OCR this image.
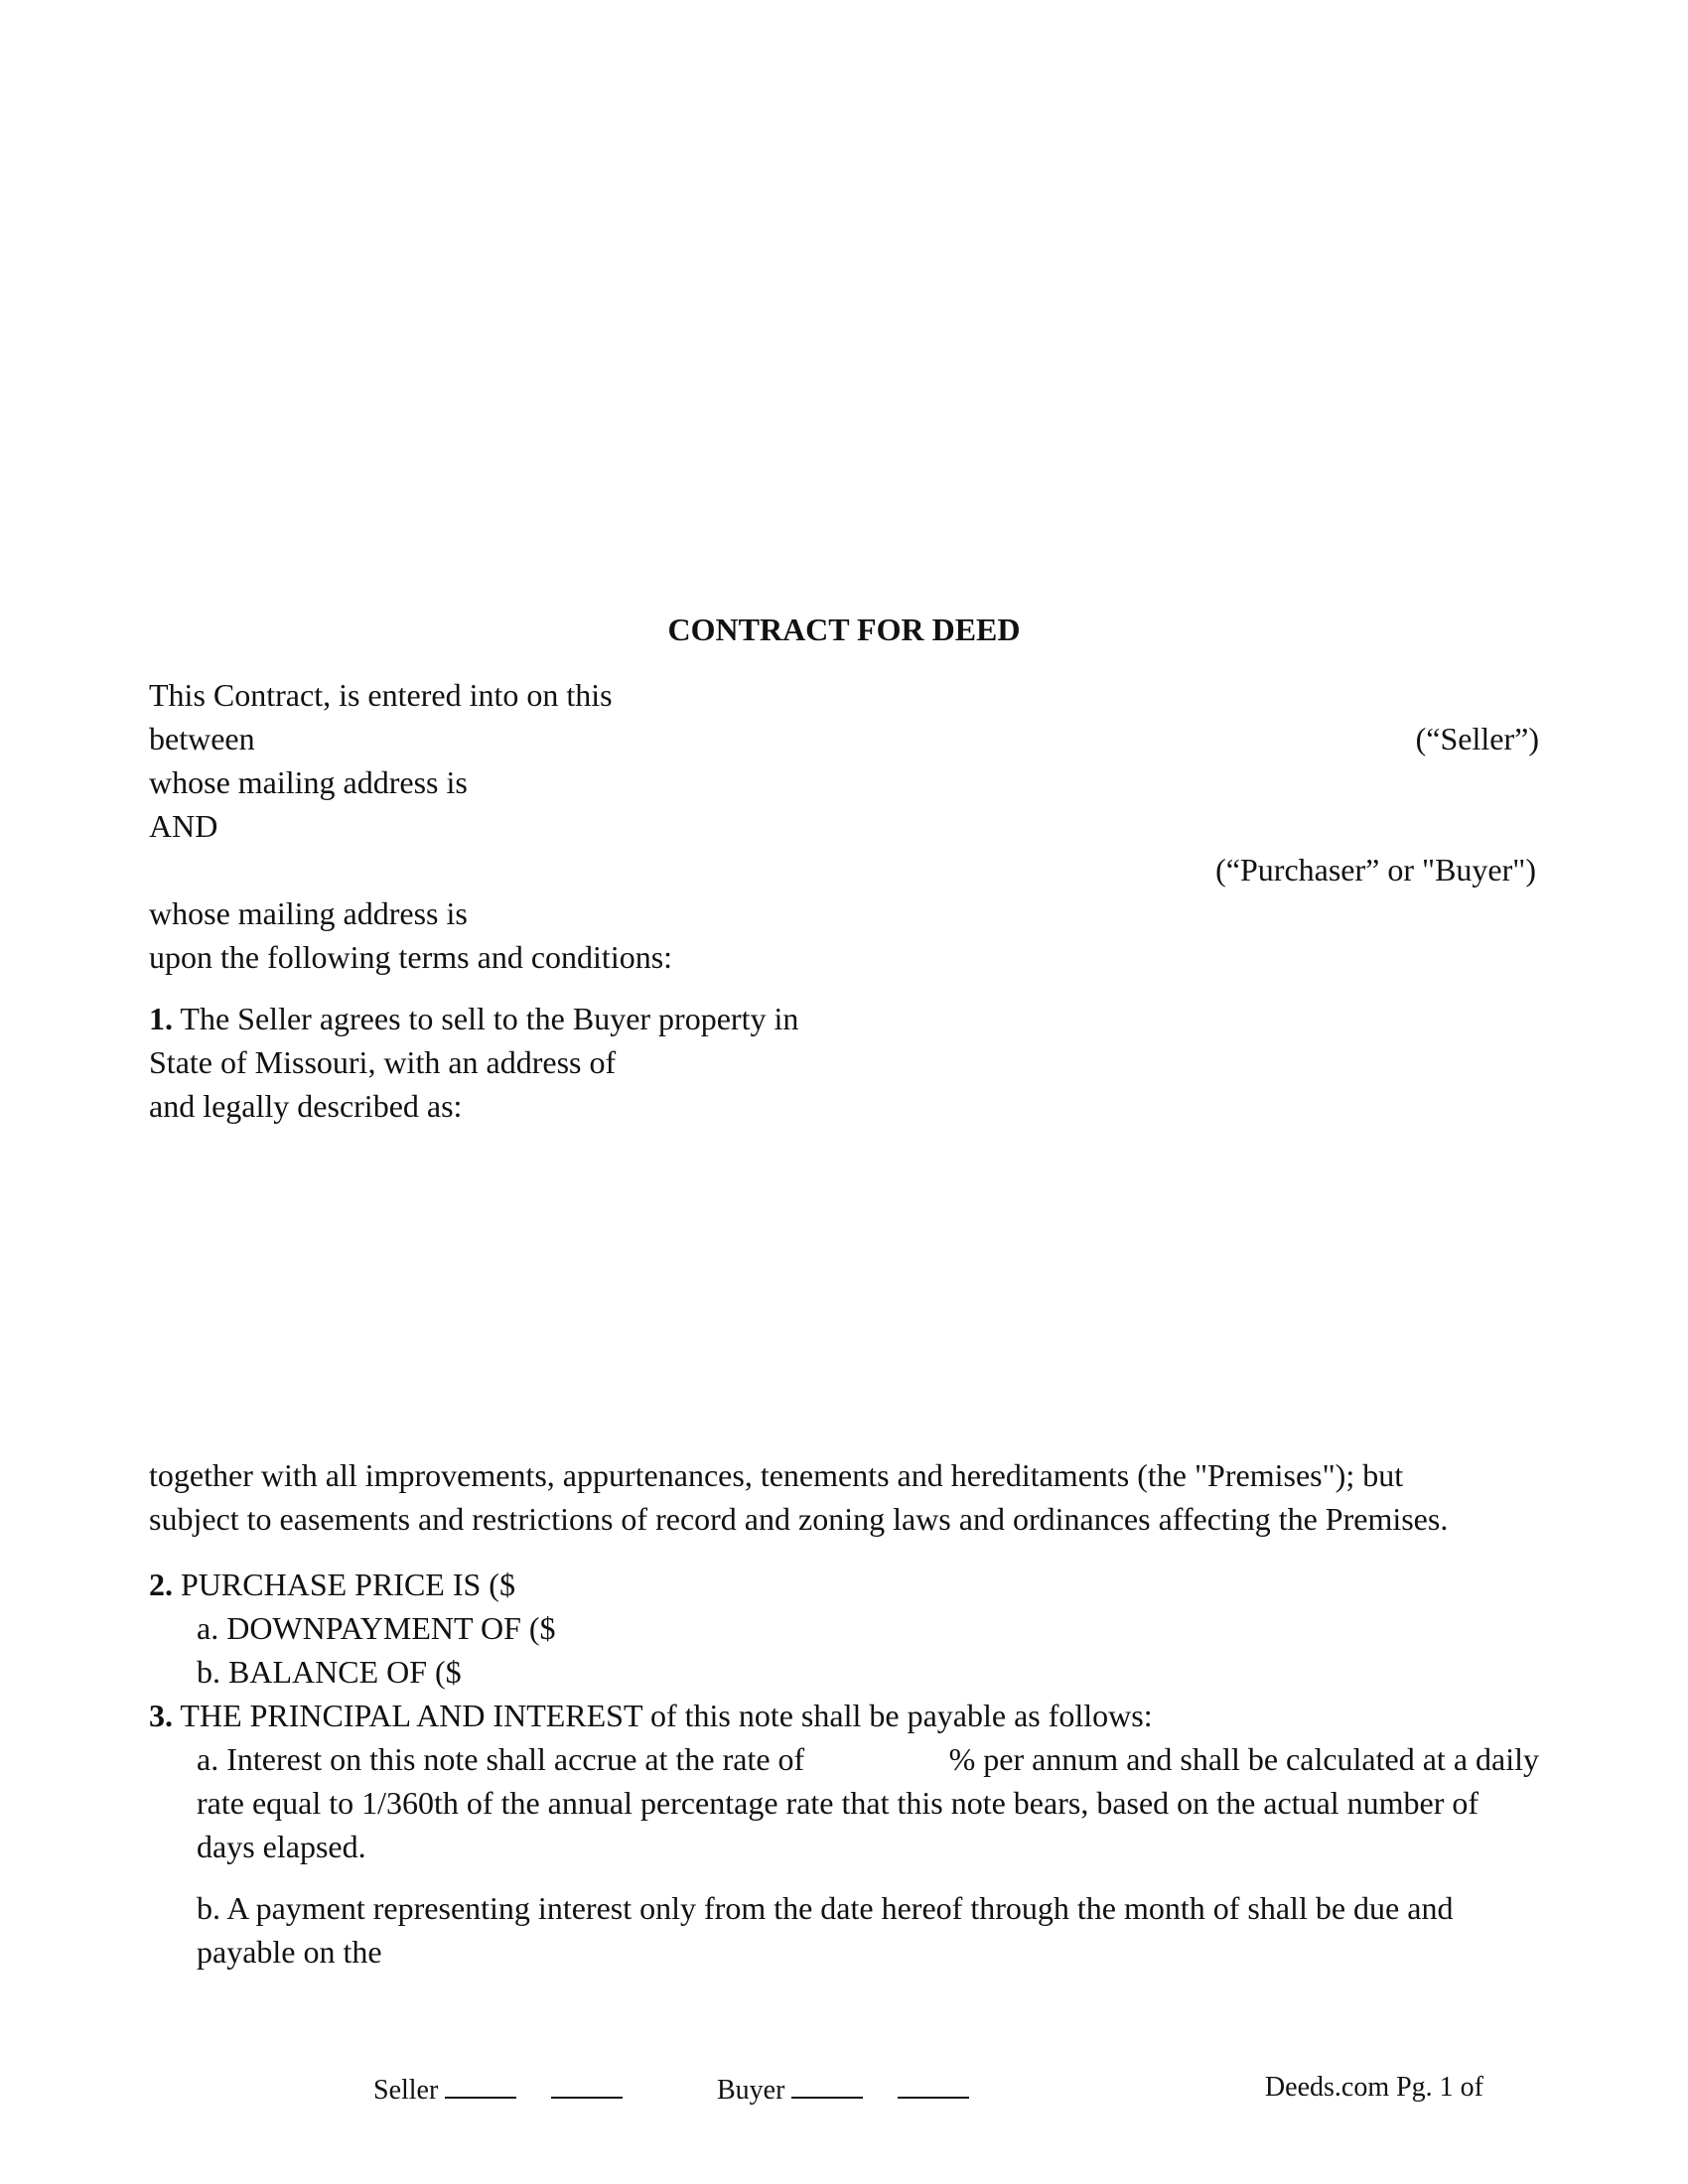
CONTRACT FOR DEED
This Contract, is entered into on this
between	(“Seller”)
whose mailing address is
AND
(“Purchaser” or "Buyer")
whose mailing address is
upon the following terms and conditions:
1. The Seller agrees to sell to the Buyer property in
State of Missouri, with an address of
and legally described as:
together with all improvements, appurtenances, tenements and hereditaments (the "Premises"); but
subject to easements and restrictions of record and zoning laws and ordinances affecting the Premises.
2. PURCHASE PRICE IS ($
a. DOWNPAYMENT OF ($
b. BALANCE OF ($
3. THE PRINCIPAL AND INTEREST of this note shall be payable as follows:
a. Interest on this note shall accrue at the rate of	% per annum and shall be calculated at a daily
rate equal to 1/360th of the annual percentage rate that this note bears, based on the actual number of
days elapsed.
b. A payment representing interest only from the date hereof through the month of shall be due and
payable on the
Seller	Buyer	Deeds.com Pg. 1 of
